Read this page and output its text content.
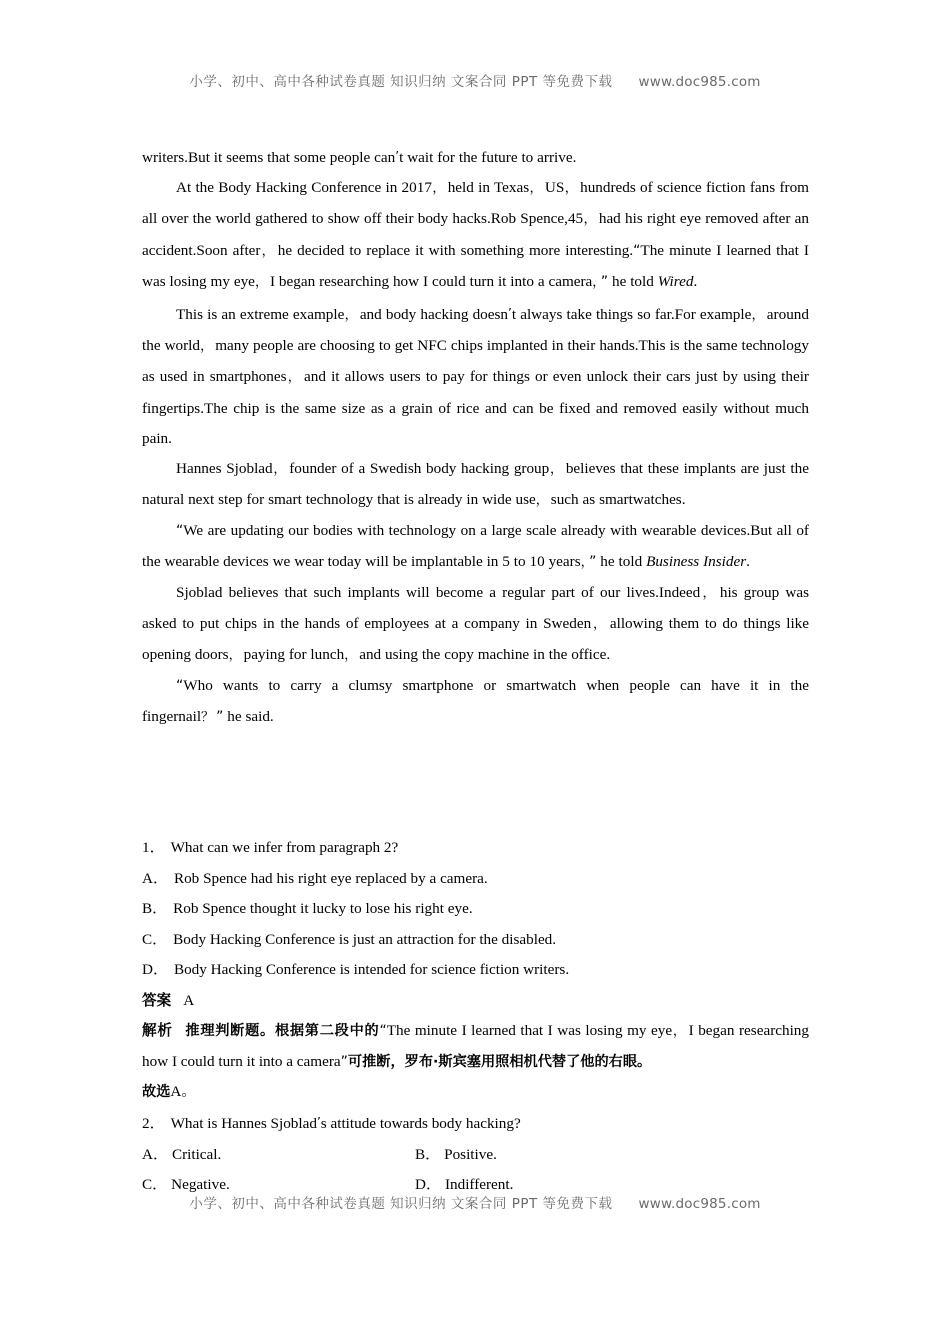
小学、初中、高中各种试卷真题 知识归纳 文案合同 PPT 等免费下载 www.doc985.com

writers.But it seems that some people can’t wait for the future to arrive.

At the Body Hacking Conference in 2017，held in Texas，US，hundreds of science fiction fans from all over the world gathered to show off their body hacks.Rob Spence,45，had his right eye removed after an accident.Soon after，he decided to replace it with something more interesting.“The minute I learned that I was losing my eye，I began researching how I could turn it into a camera，” he told Wired.

This is an extreme example，and body hacking doesn’t always take things so far.For example，around the world，many people are choosing to get NFC chips implanted in their hands.This is the same technology as used in smartphones，and it allows users to pay for things or even unlock their cars just by using their fingertips.The chip is the same size as a grain of rice and can be fixed and removed easily without much pain.

Hannes Sjoblad，founder of a Swedish body hacking group，believes that these implants are just the natural next step for smart technology that is already in wide use，such as smartwatches.

“We are updating our bodies with technology on a large scale already with wearable devices.But all of the wearable devices we wear today will be implantable in 5 to 10 years，” he told Business Insider.

Sjoblad believes that such implants will become a regular part of our lives.Indeed，his group was asked to put chips in the hands of employees at a company in Sweden，allowing them to do things like opening doors，paying for lunch，and using the copy machine in the office.

“Who wants to carry a clumsy smartphone or smartwatch when people can have it in the fingernail？” he said.

1． What can we infer from paragraph 2?

A． Rob Spence had his right eye replaced by a camera.

B． Rob Spence thought it lucky to lose his right eye.

C． Body Hacking Conference is just an attraction for the disabled.

D． Body Hacking Conference is intended for science fiction writers.

答案 A

解析 推理判断题。根据第二段中的“The minute I learned that I was losing my eye，I began researching how I could turn it into a camera”可推断，罗布·斯宾塞用照相机代替了他的右眼。

故选A。

2． What is Hannes Sjoblad’s attitude towards body hacking?

A． Critical.	B． Positive.
C． Negative.	D． Indifferent.
小学、初中、高中各种试卷真题 知识归纳 文案合同 PPT 等免费下载 www.doc985.com
